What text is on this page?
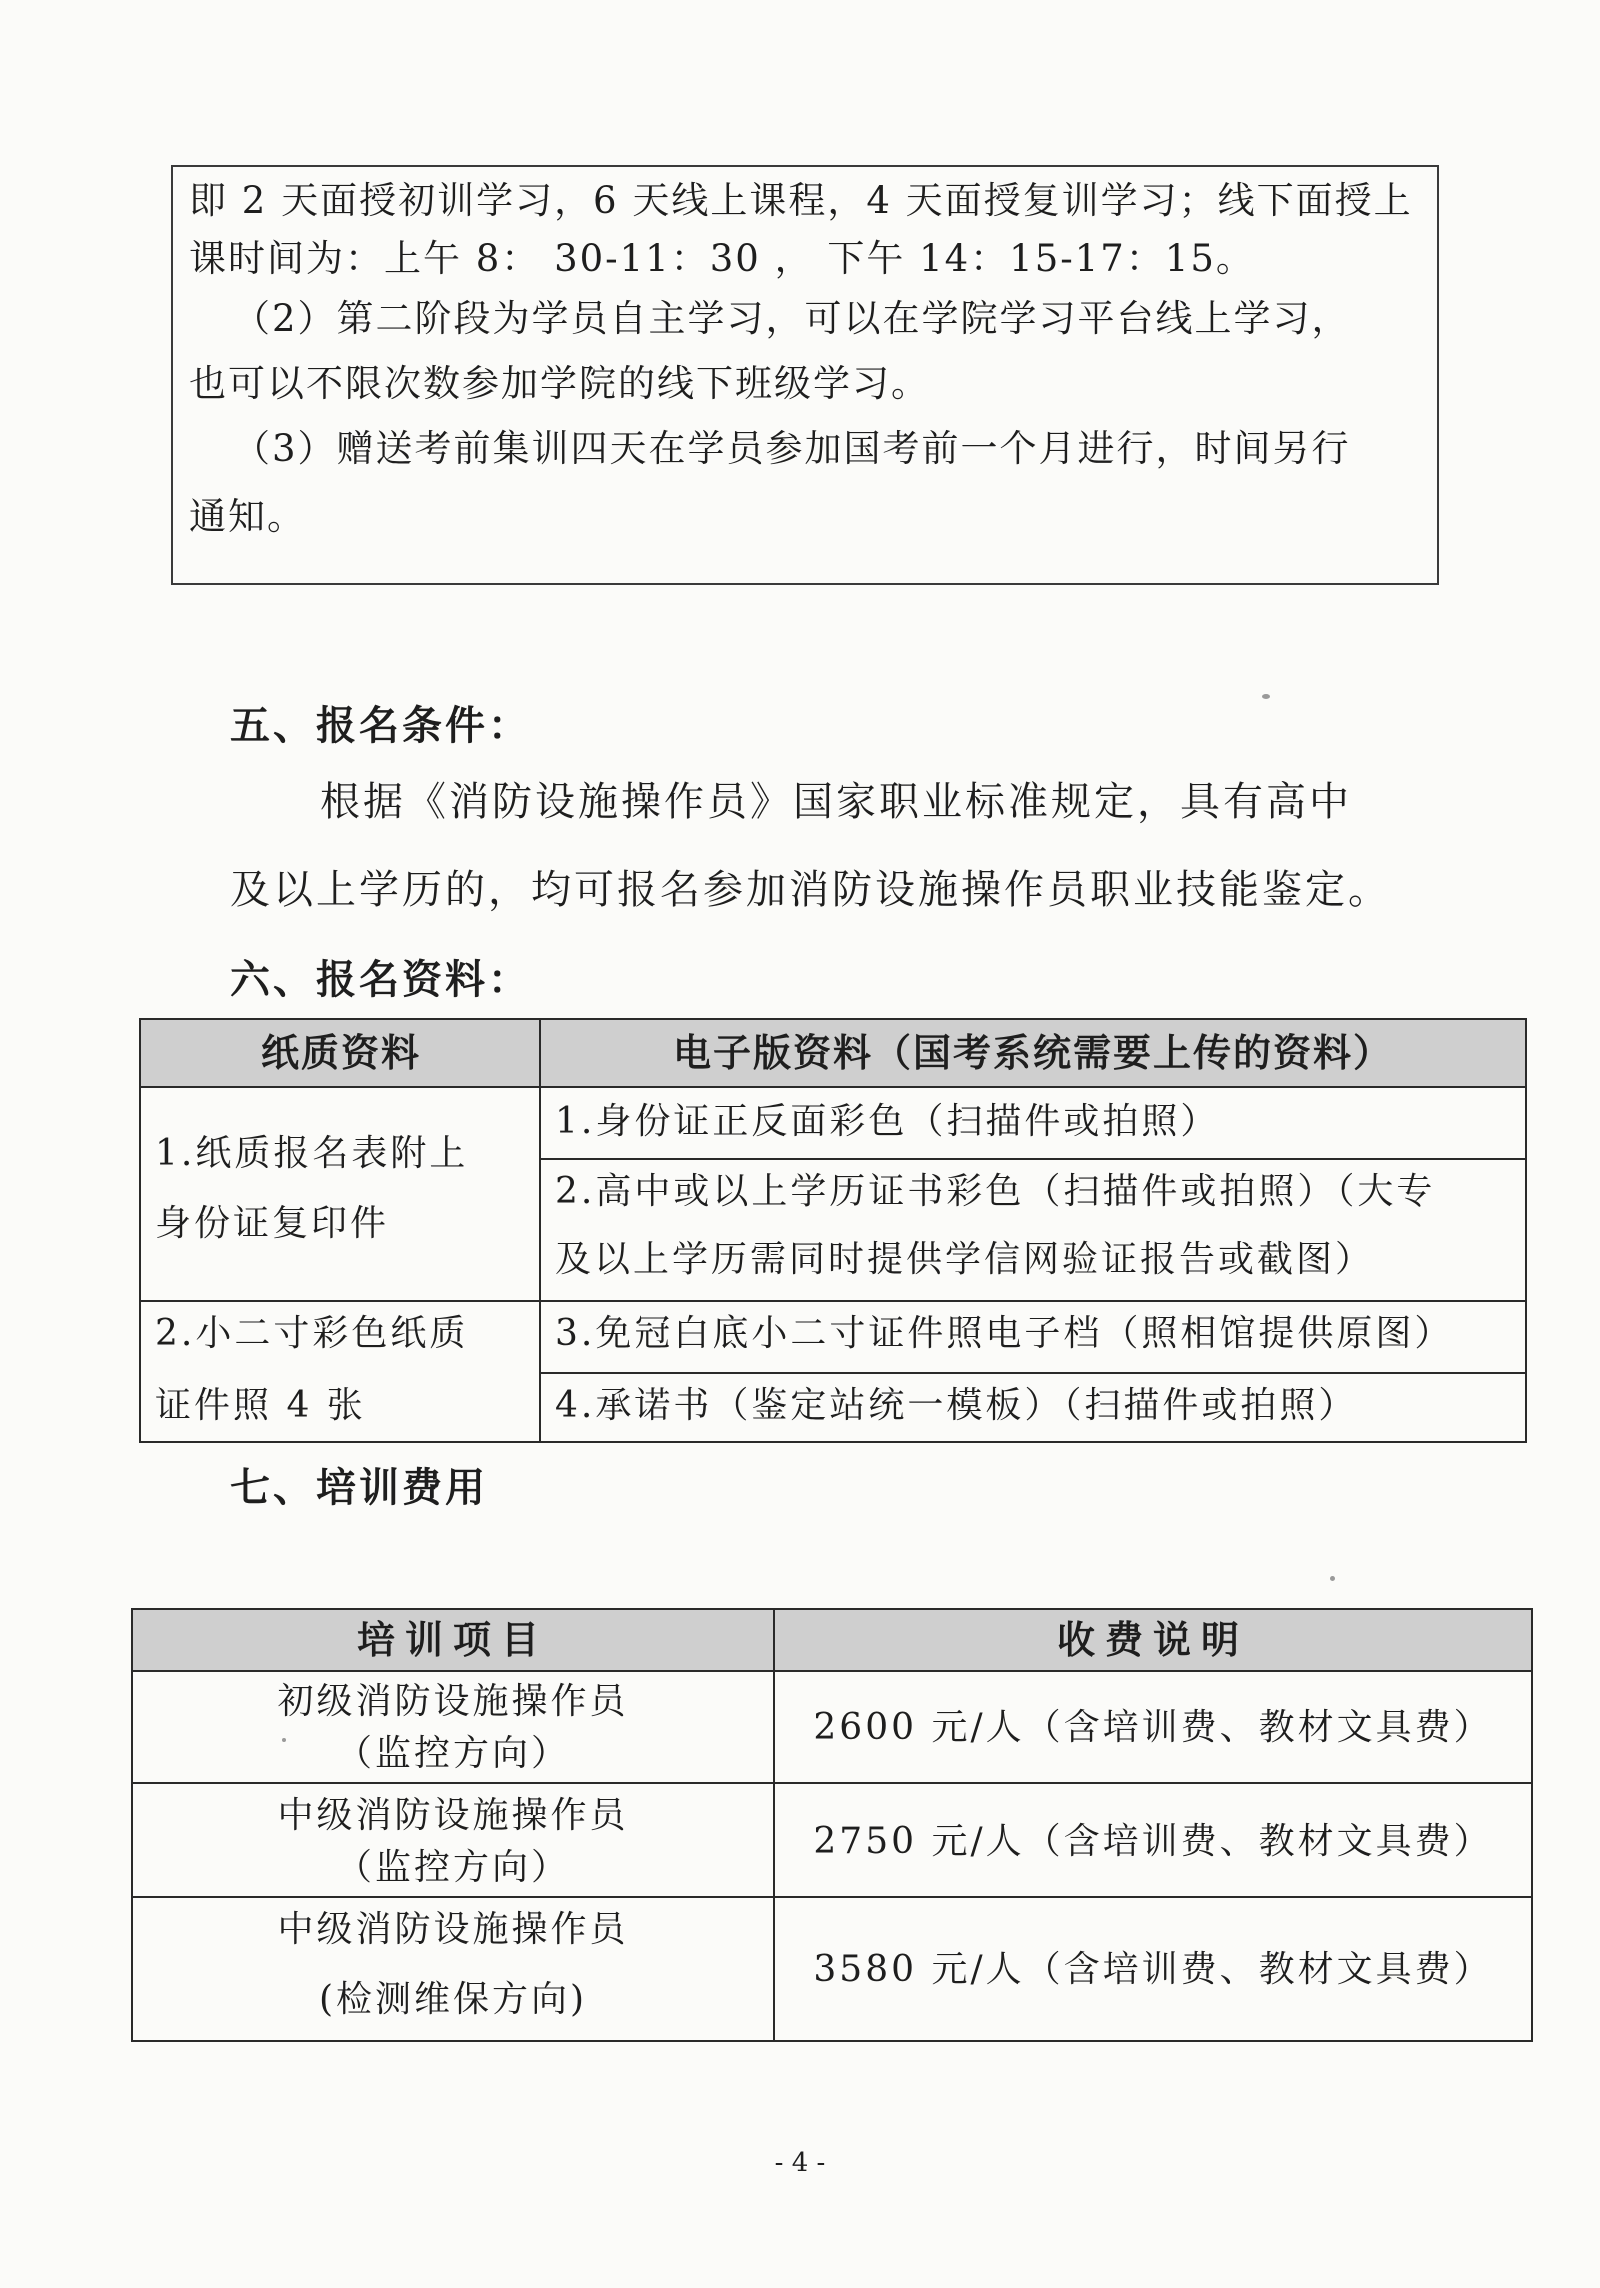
即 2 天面授初训学习，6 天线上课程，4 天面授复训学习；线下面授上
课时间为：上午 8： 30-11：30 ， 下午 14：15-17：15。
（2）第二阶段为学员自主学习，可以在学院学习平台线上学习，
也可以不限次数参加学院的线下班级学习。
（3）赠送考前集训四天在学员参加国考前一个月进行，时间另行
通知。
五、报名条件：
根据《消防设施操作员》国家职业标准规定，具有高中
及以上学历的，均可报名参加消防设施操作员职业技能鉴定。
六、报名资料：
纸质资料	电子版资料（国考系统需要上传的资料）
1.纸质报名表附上
身份证复印件
2.小二寸彩色纸质
证件照 4 张
1.身份证正反面彩色（扫描件或拍照）
2.高中或以上学历证书彩色（扫描件或拍照）（大专
及以上学历需同时提供学信网验证报告或截图）
3.免冠白底小二寸证件照电子档（照相馆提供原图）
4.承诺书（鉴定站统一模板）（扫描件或拍照）
七、培训费用
培训项目	收费说明
初级消防设施操作员
（监控方向）
2600 元/人（含培训费、教材文具费）
中级消防设施操作员
（监控方向）
2750 元/人（含培训费、教材文具费）
中级消防设施操作员
(检测维保方向)
3580 元/人（含培训费、教材文具费）
- 4 -
